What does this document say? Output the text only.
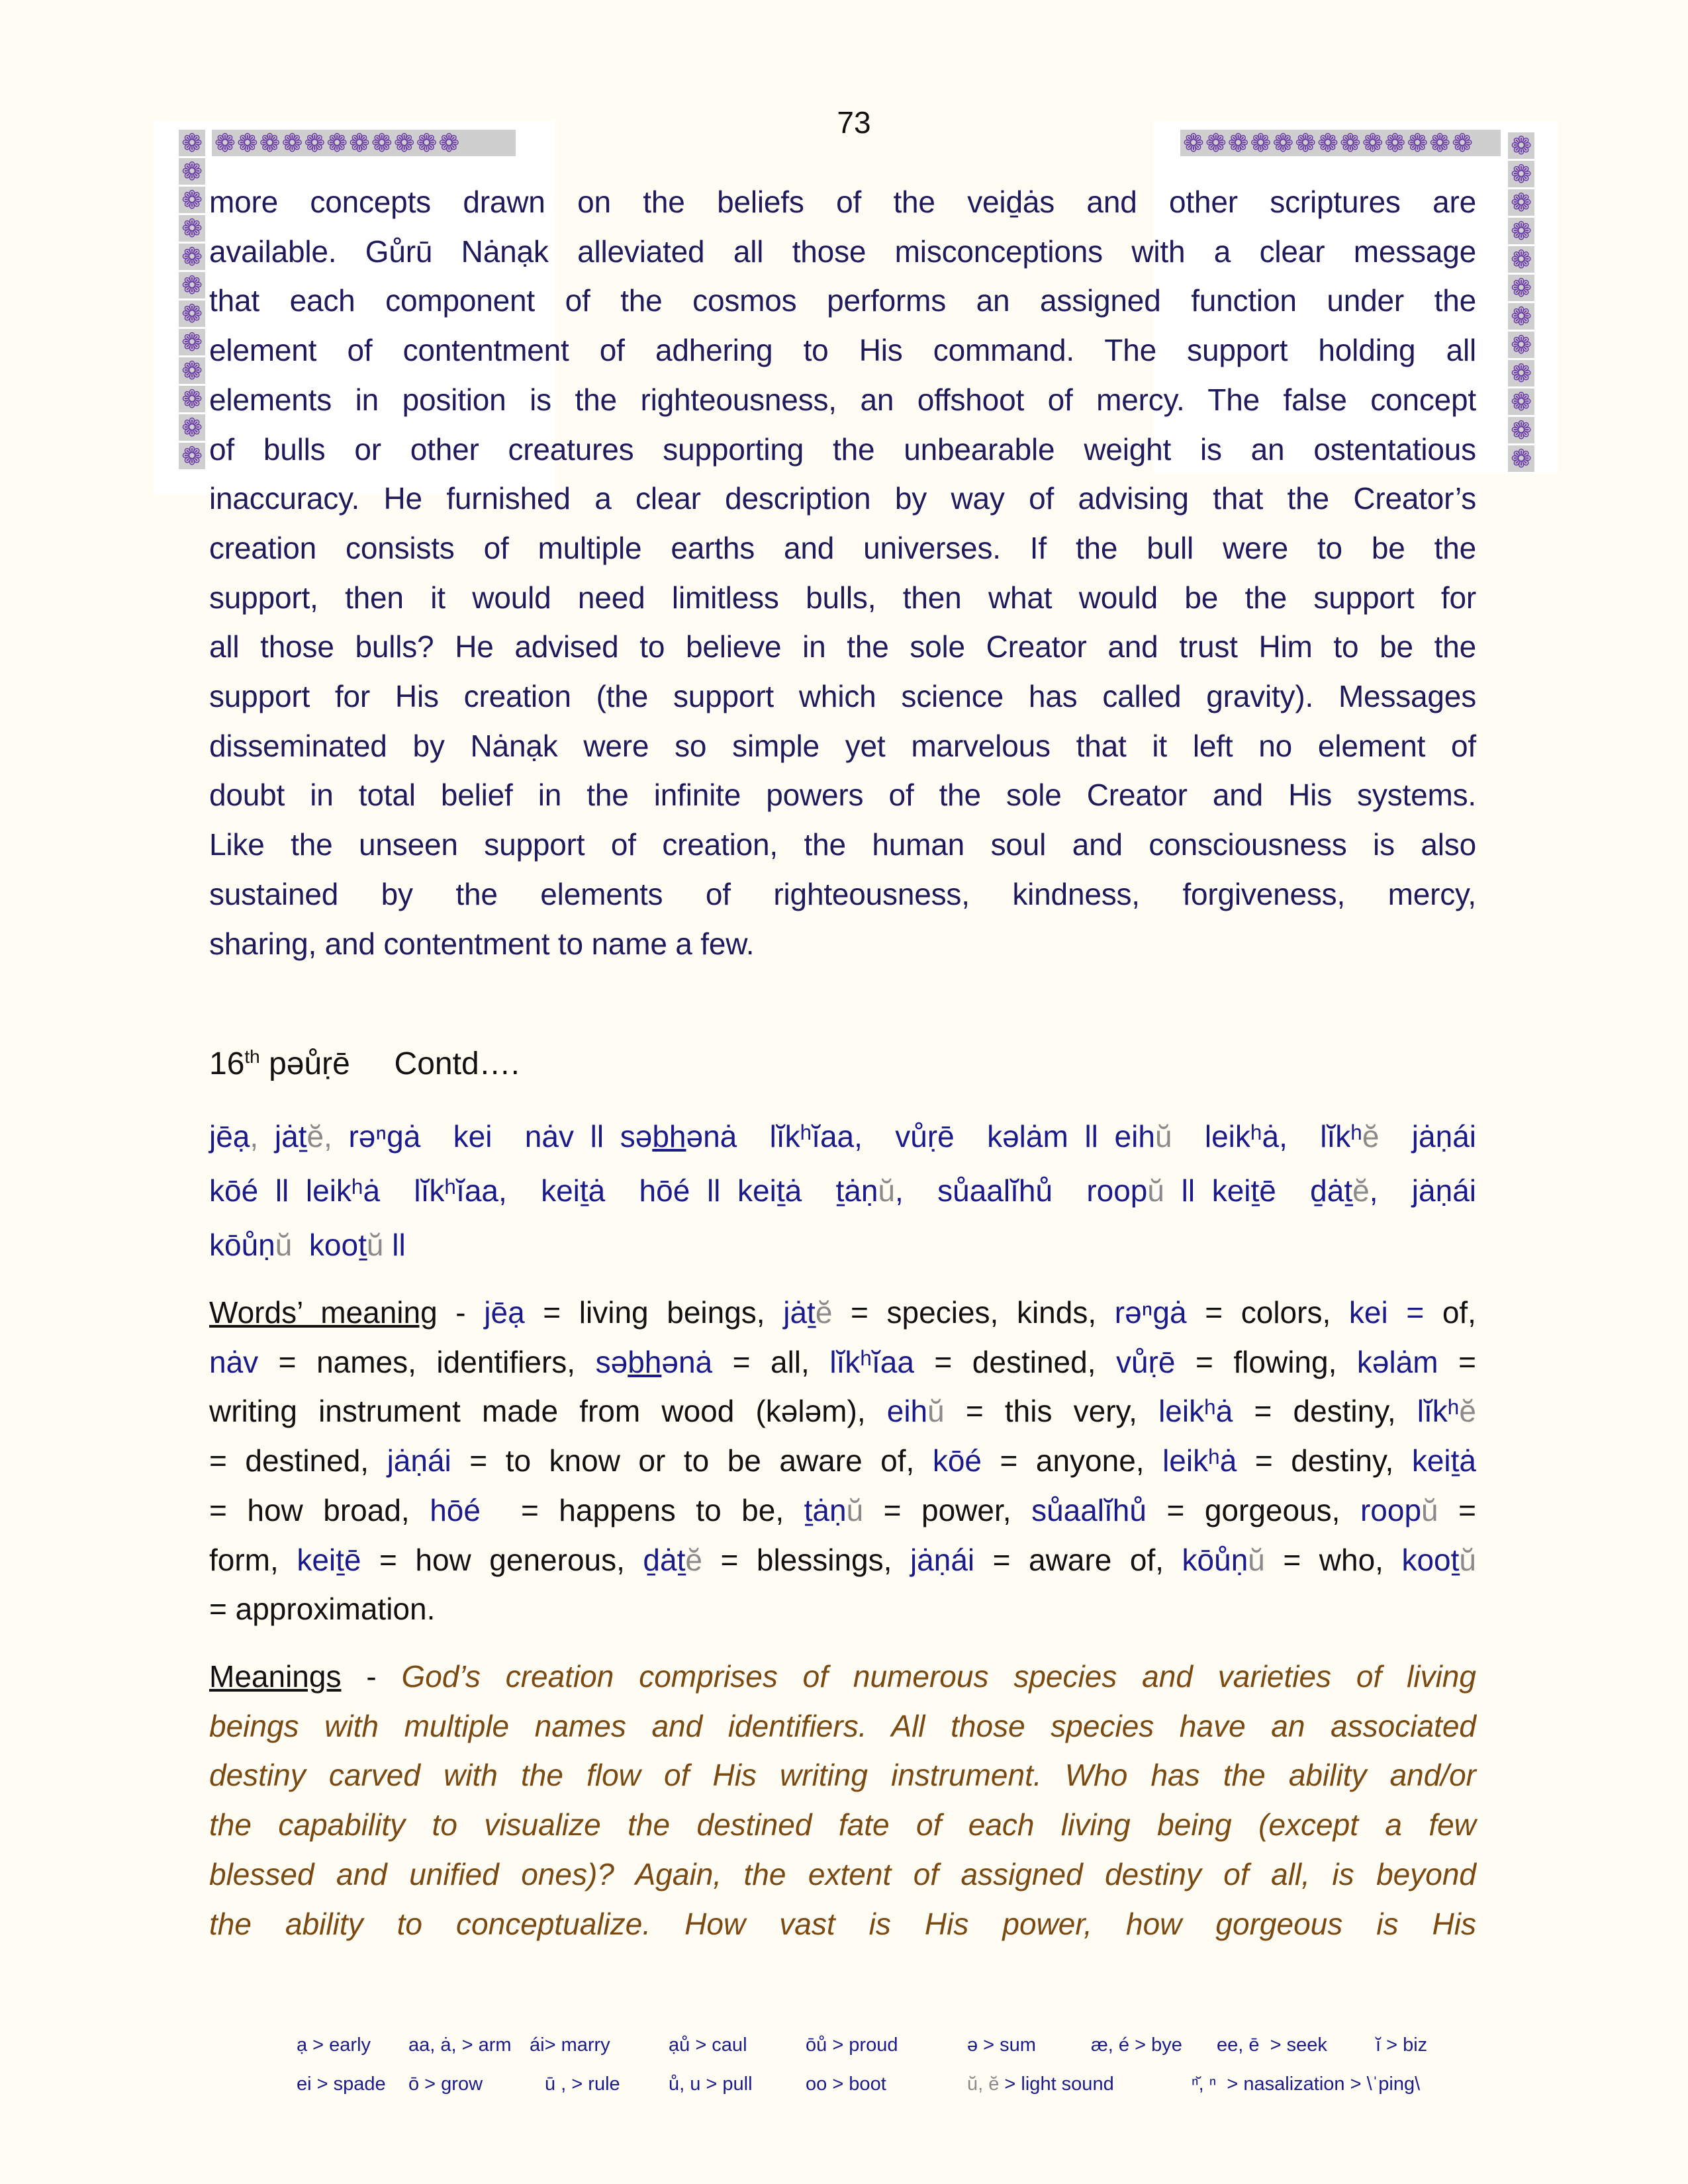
❁
❁
❁
❁
❁
❁
❁
❁
❁
❁
❁
❁
❁
❁
❁
❁
❁
❁
❁
❁
❁
❁
❁
❁
❁❁❁❁❁❁❁❁❁❁❁	❁❁❁❁❁❁❁❁❁❁❁❁❁
73
more concepts drawn on the beliefs of the veiḏȧs and other scriptures are
available. Gůrū Nȧnạk alleviated all those misconceptions with a clear message
that each component of the cosmos performs an assigned function under the
element of contentment of adhering to His command. The support holding all
elements in position is the righteousness, an offshoot of mercy. The false concept
of bulls or other creatures supporting the unbearable weight is an ostentatious
inaccuracy. He furnished a clear description by way of advising that the Creator’s
creation consists of multiple earths and universes. If the bull were to be the
support, then it would need limitless bulls, then what would be the support for
all those bulls? He advised to believe in the sole Creator and trust Him to be the
support for His creation (the support which science has called gravity). Messages
disseminated by Nȧnạk were so simple yet marvelous that it left no element of
doubt in total belief in the infinite powers of the sole Creator and His systems.
Like the unseen support of creation, the human soul and consciousness is also
sustained by the elements of righteousness, kindness, forgiveness, mercy,
sharing, and contentment to name a few.
16th pəůṛē Contd….
jēạ, jȧṯĕ, rəⁿgȧ  kei  nȧv ll səbhənȧ  lĭkʰĭaa,  vůṛē  kəlȧm ll eihŭ  leikʰȧ,  lĭkʰĕ  jȧṇái
kōé ll leikʰȧ  lĭkʰĭaa,  keiṯȧ  hōé ll keiṯȧ  ṯȧṇŭ,  sůaalĭhů  roopŭ ll keiṯē  ḏȧṯĕ,  jȧṇái
kōůṇŭ  kooṯŭ ll
Words’ meaning - jēạ = living beings, jȧṯĕ = species, kinds, rəⁿgȧ = colors, kei = of,
nȧv = names, identifiers, səbhənȧ = all, lĭkʰĭaa = destined, vůṛē = flowing, kəlȧm =
writing instrument made from wood (kələm), eihŭ = this very, leikʰȧ = destiny, lĭkʰĕ
= destined, jȧṇái = to know or to be aware of, kōé = anyone, leikʰȧ = destiny, keiṯȧ
= how broad, hōé  = happens to be, ṯȧṇŭ = power, sůaalĭhů = gorgeous, roopŭ =
form, keiṯē = how generous, ḏȧṯĕ = blessings, jȧṇái = aware of, kōůṇŭ = who, kooṯŭ
= approximation.
Meanings - God’s creation comprises of numerous species and varieties of living
beings with multiple names and identifiers. All those species have an associated
destiny carved with the flow of His writing instrument. Who has the ability and/or
the capability to visualize the destined fate of each living being (except a few
blessed and unified ones)? Again, the extent of assigned destiny of all, is beyond
the ability to conceptualize. How vast is His power, how gorgeous is His
ạ > early aa, ȧ, > arm ái> marry	ạů > caul	ōů > proud	ə > sum	æ, é > bye ee, ē  > seek	ĭ > biz
ei > spade ō > grow	ū , > rule	ů, u > pull	oo > boot	ŭ, ĕ > light sound	ⁿ̆, ⁿ  > nasalization > \ˈping\
